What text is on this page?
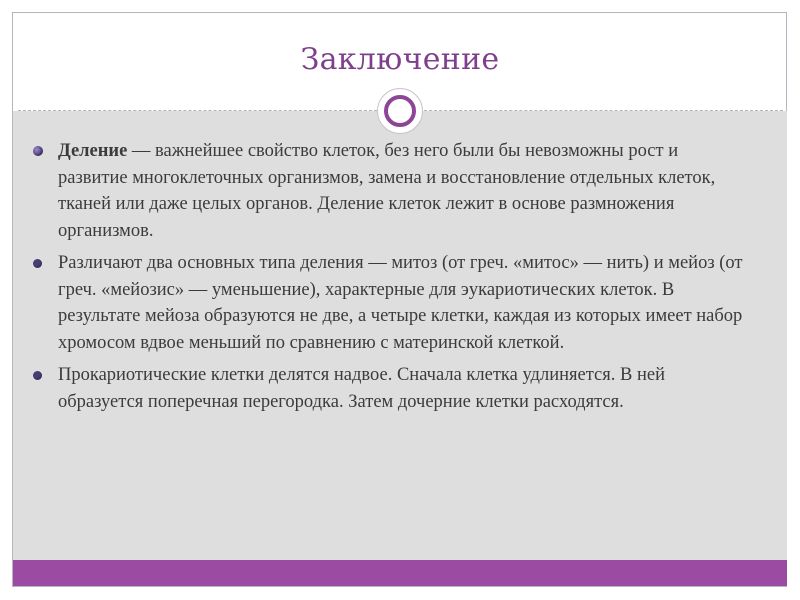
Заключение
Деление — важнейшее свойство клеток, без него были бы невозможны рост и развитие многоклеточных организмов, замена и восстановление отдельных клеток, тканей или даже целых органов. Деление клеток лежит в основе размножения организмов.
Различают два основных типа деления — митоз (от греч. «митос» — нить) и мейоз (от греч. «мейозис» — уменьшение), характерные для эукариотических клеток. В результате мейоза образуются не две, а четыре клетки, каждая из которых имеет набор хромосом вдвое меньший по сравнению с материнской клеткой.
Прокариотические клетки делятся надвое. Сначала клетка удлиняется. В ней образуется поперечная перегородка. Затем дочерние клетки расходятся.
